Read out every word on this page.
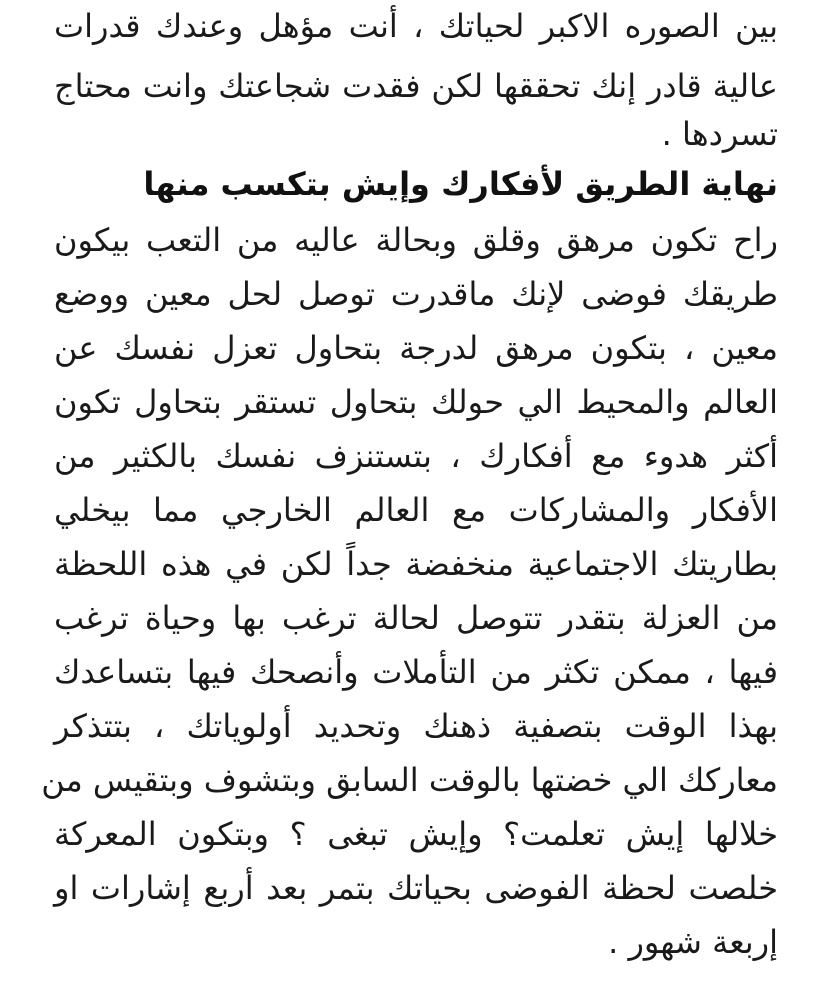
بين الصوره الاكبر لحياتك ، أنت مؤهل وعندك قدرات
عالية قادر إنك تحققها لكن فقدت شجاعتك وانت محتاج
تسردها .
نهاية الطريق لأفكارك وإيش بتكسب منها
راح تكون مرهق وقلق وبحالة عاليه من التعب بيكون
طريقك فوضى لإنك ماقدرت توصل لحل معين ووضع
معين ، بتكون مرهق لدرجة بتحاول تعزل نفسك عن
العالم والمحيط الي حولك بتحاول تستقر بتحاول تكون
أكثر هدوء مع أفكارك ، بتستنزف نفسك بالكثير من
الأفكار والمشاركات مع العالم الخارجي مما بيخلي
بطاريتك الاجتماعية منخفضة جداً لكن في هذه اللحظة
من العزلة بتقدر تتوصل لحالة ترغب بها وحياة ترغب
فيها ، ممكن تكثر من التأملات وأنصحك فيها بتساعدك
بهذا الوقت بتصفية ذهنك وتحديد أولوياتك ، بتتذكر
معاركك الي خضتها بالوقت السابق وبتشوف وبتقيس من
خلالها إيش تعلمت؟ وإيش تبغى ؟ وبتكون المعركة
خلصت لحظة الفوضى بحياتك بتمر بعد أربع إشارات او
إربعة شهور .
